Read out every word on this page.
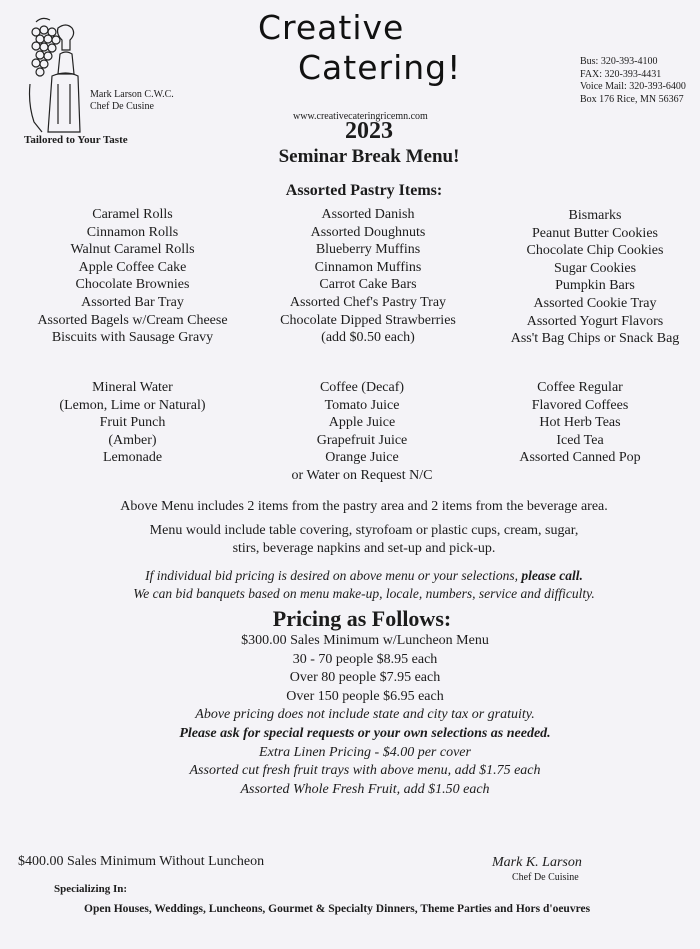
Mark Larson C.W.C.
Chef De Cusine
Tailored to Your Taste
Creative
Catering!	Bus: 320-393-4100
FAX: 320-393-4431
Voice Mail: 320-393-6400
Box 176 Rice, MN 56367
www.creativecateringricemn.com
2023
Seminar Break Menu!
Assorted Pastry Items:
Caramel Rolls
Cinnamon Rolls
Walnut Caramel Rolls
Apple Coffee Cake
Chocolate Brownies
Assorted Bar Tray
Assorted Bagels w/Cream Cheese
Biscuits with Sausage Gravy
Assorted Danish
Assorted Doughnuts
Blueberry Muffins
Cinnamon Muffins
Carrot Cake Bars
Assorted Chef's Pastry Tray
Chocolate Dipped Strawberries
(add $0.50 each)
Bismarks
Peanut Butter Cookies
Chocolate Chip Cookies
Sugar Cookies
Pumpkin Bars
Assorted Cookie Tray
Assorted Yogurt Flavors
Ass't Bag Chips or Snack Bag
Mineral Water
(Lemon, Lime or Natural)
Fruit Punch
(Amber)
Lemonade
Coffee (Decaf)
Tomato Juice
Apple Juice
Grapefruit Juice
Orange Juice
or Water on Request N/C
Coffee Regular
Flavored Coffees
Hot Herb Teas
Iced Tea
Assorted Canned Pop
Above Menu includes 2 items from the pastry area and 2 items from the beverage area.
Menu would include table covering, styrofoam or plastic cups, cream, sugar,
stirs, beverage napkins and set-up and pick-up.
If individual bid pricing is desired on above menu or your selections, please call.
We can bid banquets based on menu make-up, locale, numbers, service and difficulty.
Pricing as Follows:
$300.00 Sales Minimum w/Luncheon Menu
30 - 70 people $8.95 each
Over 80 people $7.95 each
Over 150 people $6.95 each
Above pricing does not include state and city tax or gratuity.
Please ask for special requests or your own selections as needed.
Extra Linen Pricing - $4.00 per cover
Assorted cut fresh fruit trays with above menu, add $1.75 each
Assorted Whole Fresh Fruit, add $1.50 each
$400.00 Sales Minimum Without Luncheon	Mark K. Larson
Chef De Cuisine
Specializing In:
Open Houses, Weddings, Luncheons, Gourmet & Specialty Dinners, Theme Parties and Hors d'oeuvres
